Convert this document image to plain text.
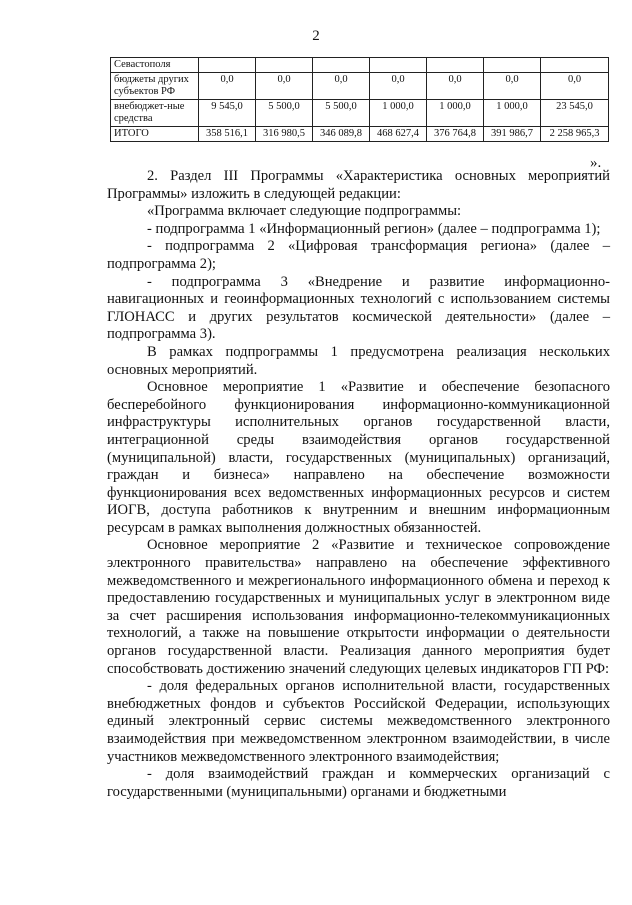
2
Севастополя							
бюджеты других субъектов РФ	0,0	0,0	0,0	0,0	0,0	0,0	0,0
внебюджет-ные средства	9 545,0	5 500,0	5 500,0	1 000,0	1 000,0	1 000,0	23 545,0
ИТОГО	358 516,1	316 980,5	346 089,8	468 627,4	376 764,8	391 986,7	2 258 965,3
».

2. Раздел III Программы «Характеристика основных мероприятий Программы» изложить в следующей редакции:

«Программа включает следующие подпрограммы:

- подпрограмма 1 «Информационный регион» (далее – подпрограмма 1);

- подпрограмма 2 «Цифровая трансформация региона» (далее – подпрограмма 2);

- подпрограмма 3 «Внедрение и развитие информационно-навигационных и геоинформационных технологий с использованием системы ГЛОНАСС и других результатов космической деятельности» (далее – подпрограмма 3).

В рамках подпрограммы 1 предусмотрена реализация нескольких основных мероприятий.

Основное мероприятие 1 «Развитие и обеспечение безопасного бесперебойного функционирования информационно-коммуникационной инфраструктуры исполнительных органов государственной власти, интеграционной среды взаимодействия органов государственной (муниципальной) власти, государственных (муниципальных) организаций, граждан и бизнеса» направлено на обеспечение возможности функционирования всех ведомственных информационных ресурсов и систем ИОГВ, доступа работников к внутренним и внешним информационным ресурсам в рамках выполнения должностных обязанностей.

Основное мероприятие 2 «Развитие и техническое сопровождение электронного правительства» направлено на обеспечение эффективного межведомственного и межрегионального информационного обмена и переход к предоставлению государственных и муниципальных услуг в электронном виде за счет расширения использования информационно-телекоммуникационных технологий, а также на повышение открытости информации о деятельности органов государственной власти. Реализация данного мероприятия будет способствовать достижению значений следующих целевых индикаторов ГП РФ:

- доля федеральных органов исполнительной власти, государственных внебюджетных фондов и субъектов Российской Федерации, использующих единый электронный сервис системы межведомственного электронного взаимодействия при межведомственном электронном взаимодействии, в числе участников межведомственного электронного взаимодействия;

- доля взаимодействий граждан и коммерческих организаций с государственными (муниципальными) органами и бюджетными
